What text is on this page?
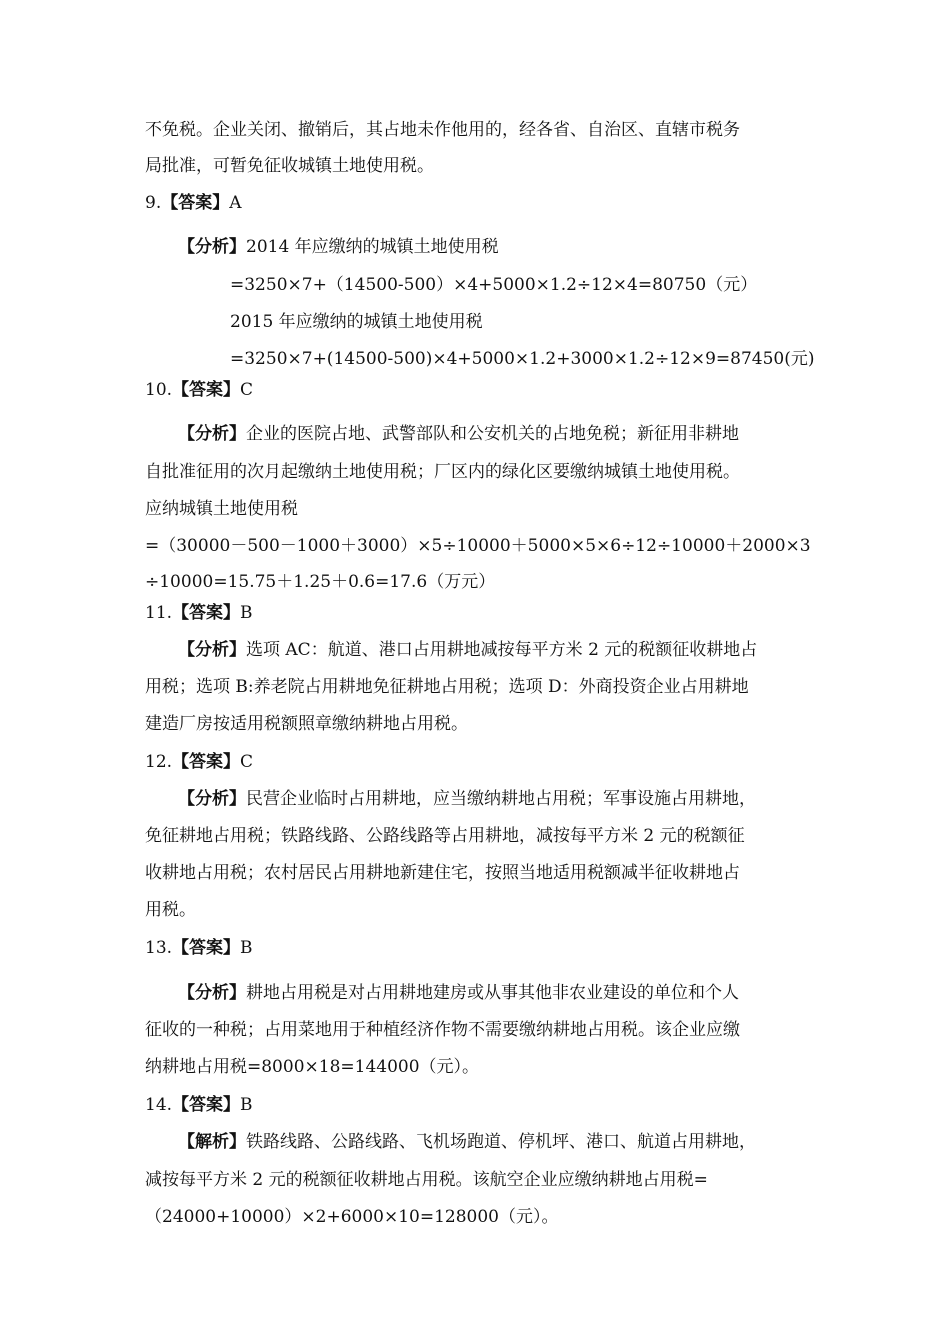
不免税。企业关闭、撤销后，其占地未作他用的，经各省、自治区、直辖市税务
局批准，可暂免征收城镇土地使用税。
9.【答案】A
【分析】2014 年应缴纳的城镇土地使用税
=3250×7+（14500-500）×4+5000×1.2÷12×4=80750（元）
2015 年应缴纳的城镇土地使用税
=3250×7+(14500-500)×4+5000×1.2+3000×1.2÷12×9=87450(元)
10.【答案】C
【分析】企业的医院占地、武警部队和公安机关的占地免税；新征用非耕地
自批准征用的次月起缴纳土地使用税；厂区内的绿化区要缴纳城镇土地使用税。
应纳城镇土地使用税
=（30000－500－1000＋3000）×5÷10000＋5000×5×6÷12÷10000＋2000×3
÷10000=15.75＋1.25＋0.6=17.6（万元）
11.【答案】B
【分析】选项 AC：航道、港口占用耕地减按每平方米 2 元的税额征收耕地占
用税；选项 B:养老院占用耕地免征耕地占用税；选项 D：外商投资企业占用耕地
建造厂房按适用税额照章缴纳耕地占用税。
12.【答案】C
【分析】民营企业临时占用耕地，应当缴纳耕地占用税；军事设施占用耕地，
免征耕地占用税；铁路线路、公路线路等占用耕地，减按每平方米 2 元的税额征
收耕地占用税；农村居民占用耕地新建住宅，按照当地适用税额减半征收耕地占
用税。
13.【答案】B
【分析】耕地占用税是对占用耕地建房或从事其他非农业建设的单位和个人
征收的一种税；占用菜地用于种植经济作物不需要缴纳耕地占用税。该企业应缴
纳耕地占用税=8000×18=144000（元）。
14.【答案】B
【解析】铁路线路、公路线路、飞机场跑道、停机坪、港口、航道占用耕地，
减按每平方米 2 元的税额征收耕地占用税。该航空企业应缴纳耕地占用税=
（24000+10000）×2+6000×10=128000（元）。
